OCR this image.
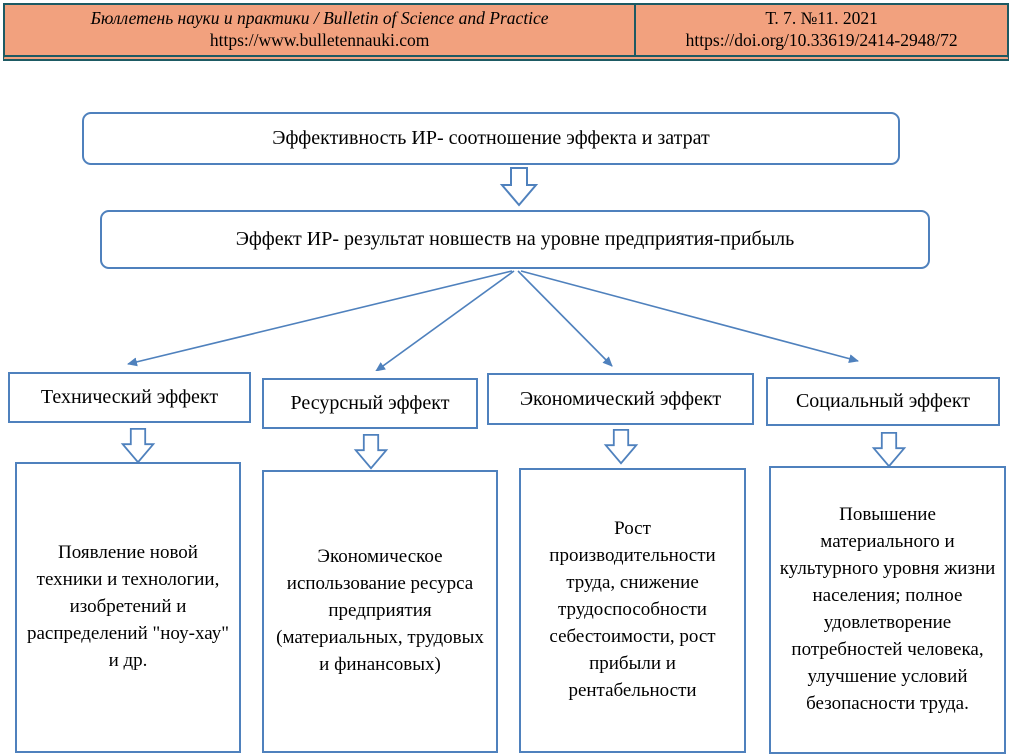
Бюллетень науки и практики / Bulletin of Science and Practice
https://www.bulletennauki.com
Т. 7. №11. 2021
https://doi.org/10.33619/2414-2948/72
Эффективность ИР- соотношение эффекта и затрат
Эффект ИР- результат новшеств на уровне предприятия-прибыль
Технический эффект	Ресурсный эффект	Экономический эффект	Социальный эффект
Появление новой техники и технологии, изобретений и распределений "ноу-хау" и др.
Экономическое использование ресурса предприятия (материальных, трудовых и финансовых)
Рост производительности труда, снижение трудоспособности себестоимости, рост прибыли и рентабельности
Повышение материального и культурного уровня жизни населения; полное удовлетворение потребностей человека, улучшение условий безопасности труда.
